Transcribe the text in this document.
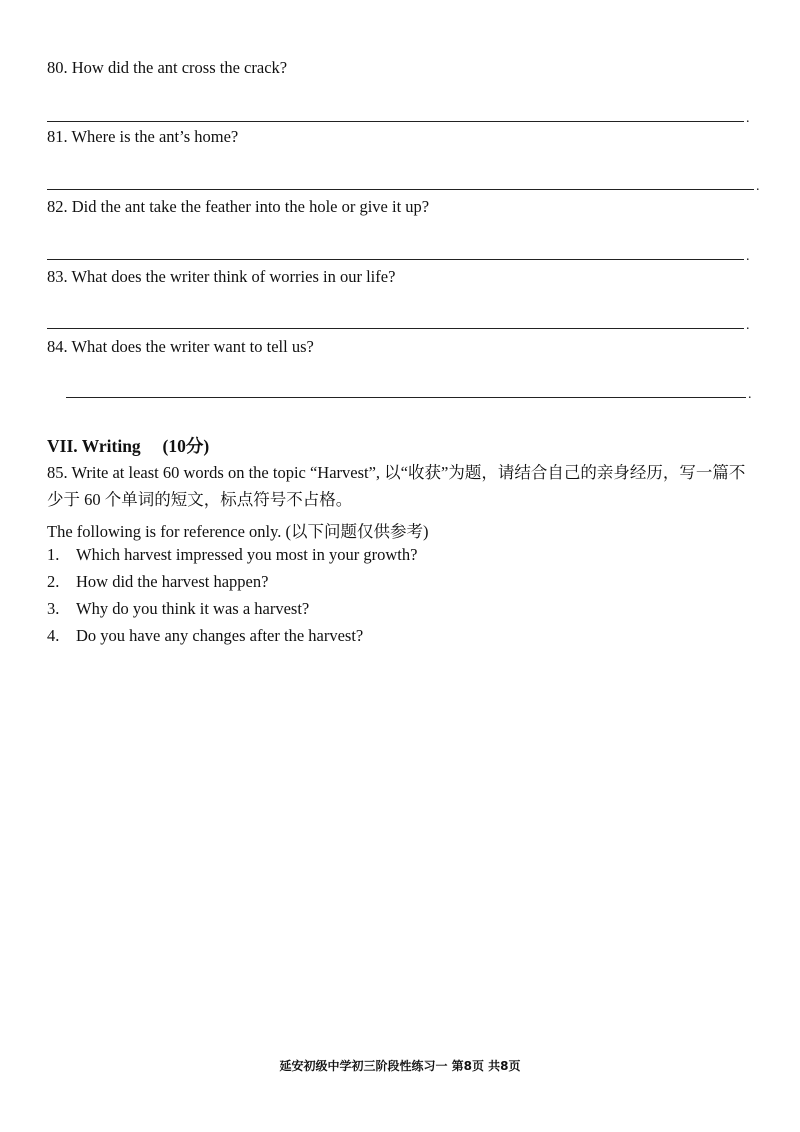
80. How did the ant cross the crack?
.
81. Where is the ant’s home?
.
82. Did the ant take the feather into the hole or give it up?
.
83. What does the writer think of worries in our life?
.
84. What does the writer want to tell us?
.
VII. Writing 　(10分)
85. Write at least 60 words on the topic “Harvest”, 以“收获”为题，请结合自己的亲身经历，写一篇不少于 60 个单词的短文，标点符号不占格。
The following is for reference only. (以下问题仅供参考)
1. Which harvest impressed you most in your growth?
2. How did the harvest happen?
3. Why do you think it was a harvest?
4. Do you have any changes after the harvest?
延安初级中学初三阶段性练习一 第8页 共8页
